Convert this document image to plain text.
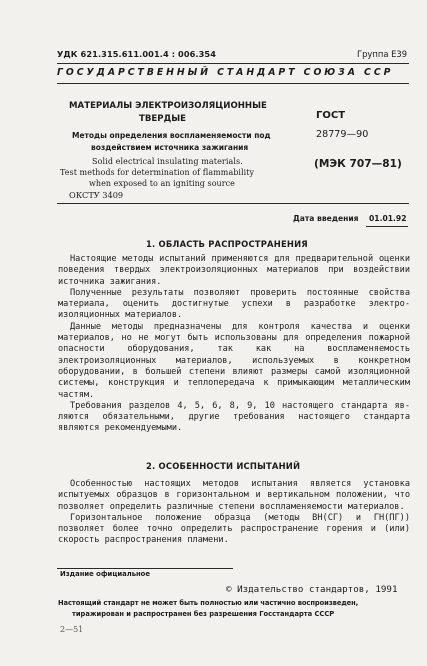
УДК 621.315.611.001.4 : 006.354	Группа Е39
ГОСУДАРСТВЕННЫЙ СТАНДАРТ СОЮЗА ССР
МАТЕРИАЛЫ ЭЛЕКТРОИЗОЛЯЦИОННЫЕ
ТВЕРДЫЕ
Методы определения воспламеняемости под
воздействием источника зажигания
Solid electrical insulating materials.
Test methods for determination of flammability
when exposed to an igniting source
ОКСТУ 3409
ГОСТ
28779—90
(МЭК 707—81)
Дата введения 01.01.92
1. ОБЛАСТЬ РАСПРОСТРАНЕНИЯ

Настоящие методы испытаний применяются для предварительной оценки поведения твердых электроизоляционных материалов при воздействии источника зажигания.

Полученные результаты позволяют проверить постоянные свойства материала, оценить достигнутые успехи в разработке электроизоляционных материалов.

Данные методы предназначены для контроля качества и оценки материалов, но не могут быть использованы для определения пожарной опасности оборудования, так как на воспламеняемость электроизоляционных материалов, используемых в конкретном оборудовании, в большей степени влияют размеры самой изоляционной системы, конструкция и теплопередача к примыкающим металлическим частям.

Требования разделов 4, 5, 6, 8, 9, 10 настоящего стандарта являются обязательными, другие требования настоящего стандарта являются рекомендуемыми.

2. ОСОБЕННОСТИ ИСПЫТАНИЙ

Особенностью настоящих методов испытания является установка испытуемых образцов в горизонтальном и вертикальном положении, что позволяет определить различные степени воспламеняемости материалов.

Горизонтальное положение образца (методы ВН(СГ) и ГН(ПГ)) позволяет более точно определить распространение горения и (или) скорость распространения пламени.

Издание официальное
© Издательство стандартов, 1991
Настоящий стандарт не может быть полностью или частично воспроизведен,
тиражирован и распространен без разрешения Госстандарта СССР
2—51
